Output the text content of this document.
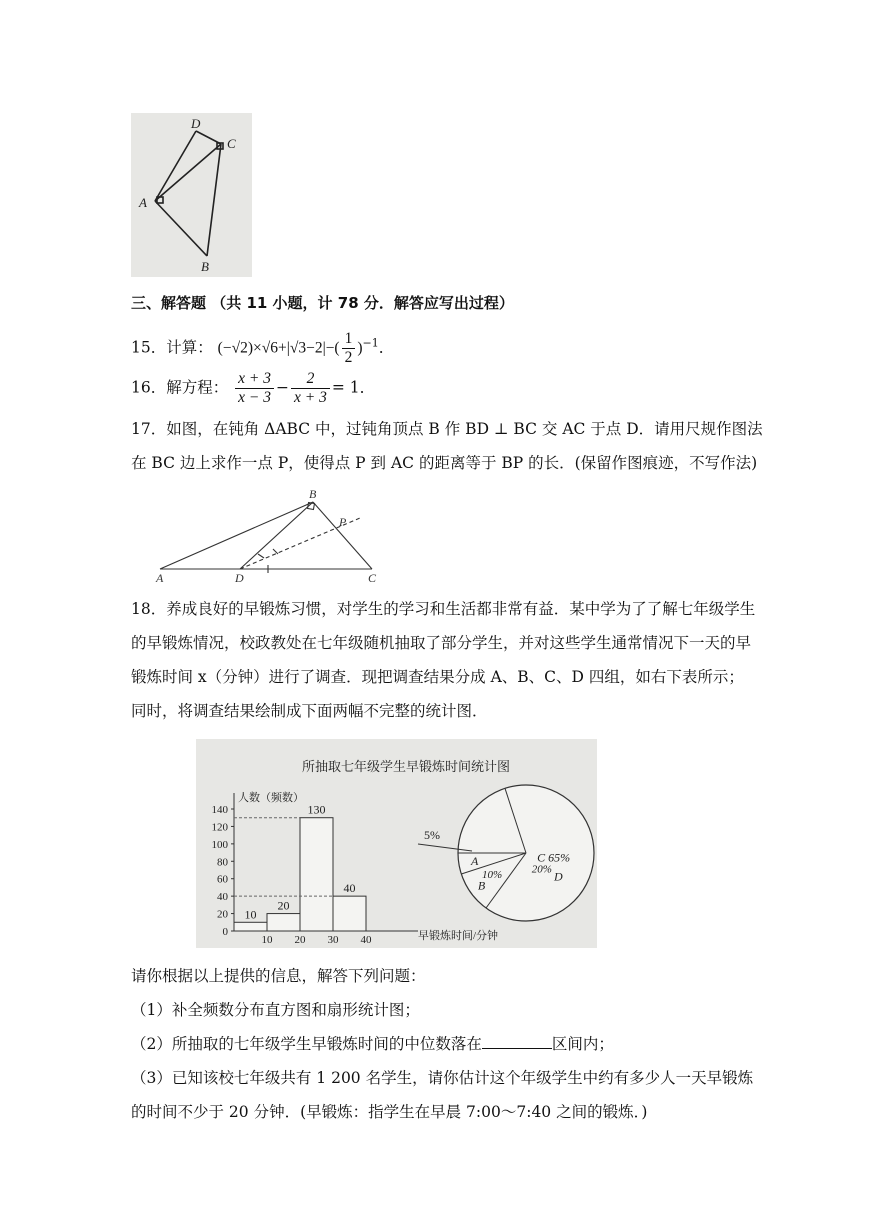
D
C
A
B
三、解答题 （共 11 小题，计 78 分．解答应写出过程）
15．计算： $(-√2)\times√6+|√3-2|-( \frac{1}{2} )^{-1}$．
16．解方程： $\frac{x + 3}{x - 3} - \frac{2}{x + 3} = 1$．
17．如图，在钝角 ΔABC 中，过钝角顶点 B 作 BD ⊥ BC 交 AC 于点 D．请用尺规作图法
在 BC 边上求作一点 P，使得点 P 到 AC 的距离等于 BP 的长．(保留作图痕迹，不写作法)
B
P
A	D	C
18．养成良好的早锻炼习惯，对学生的学习和生活都非常有益．某中学为了了解七年级学生
的早锻炼情况，校政教处在七年级随机抽取了部分学生，并对这些学生通常情况下一天的早
锻炼时间 x（分钟）进行了调查．现把调查结果分成 A、B、C、D 四组，如右下表所示；
同时，将调查结果绘制成下面两幅不完整的统计图．
所抽取七年级学生早锻炼时间统计图
人数（频数）
早锻炼时间/分钟
0
20
40
60
80
100
120
140
10 20 30 40
10
20
130
40
A
B
10%
C 65%
D
20%
5%
请你根据以上提供的信息，解答下列问题：
（1）补全频数分布直方图和扇形统计图；
（2）所抽取的七年级学生早锻炼时间的中位数落在	区间内；
（3）已知该校七年级共有 1 200 名学生，请你估计这个年级学生中约有多少人一天早锻炼
的时间不少于 20 分钟．(早锻炼：指学生在早晨 7:00～7:40 之间的锻炼．)
